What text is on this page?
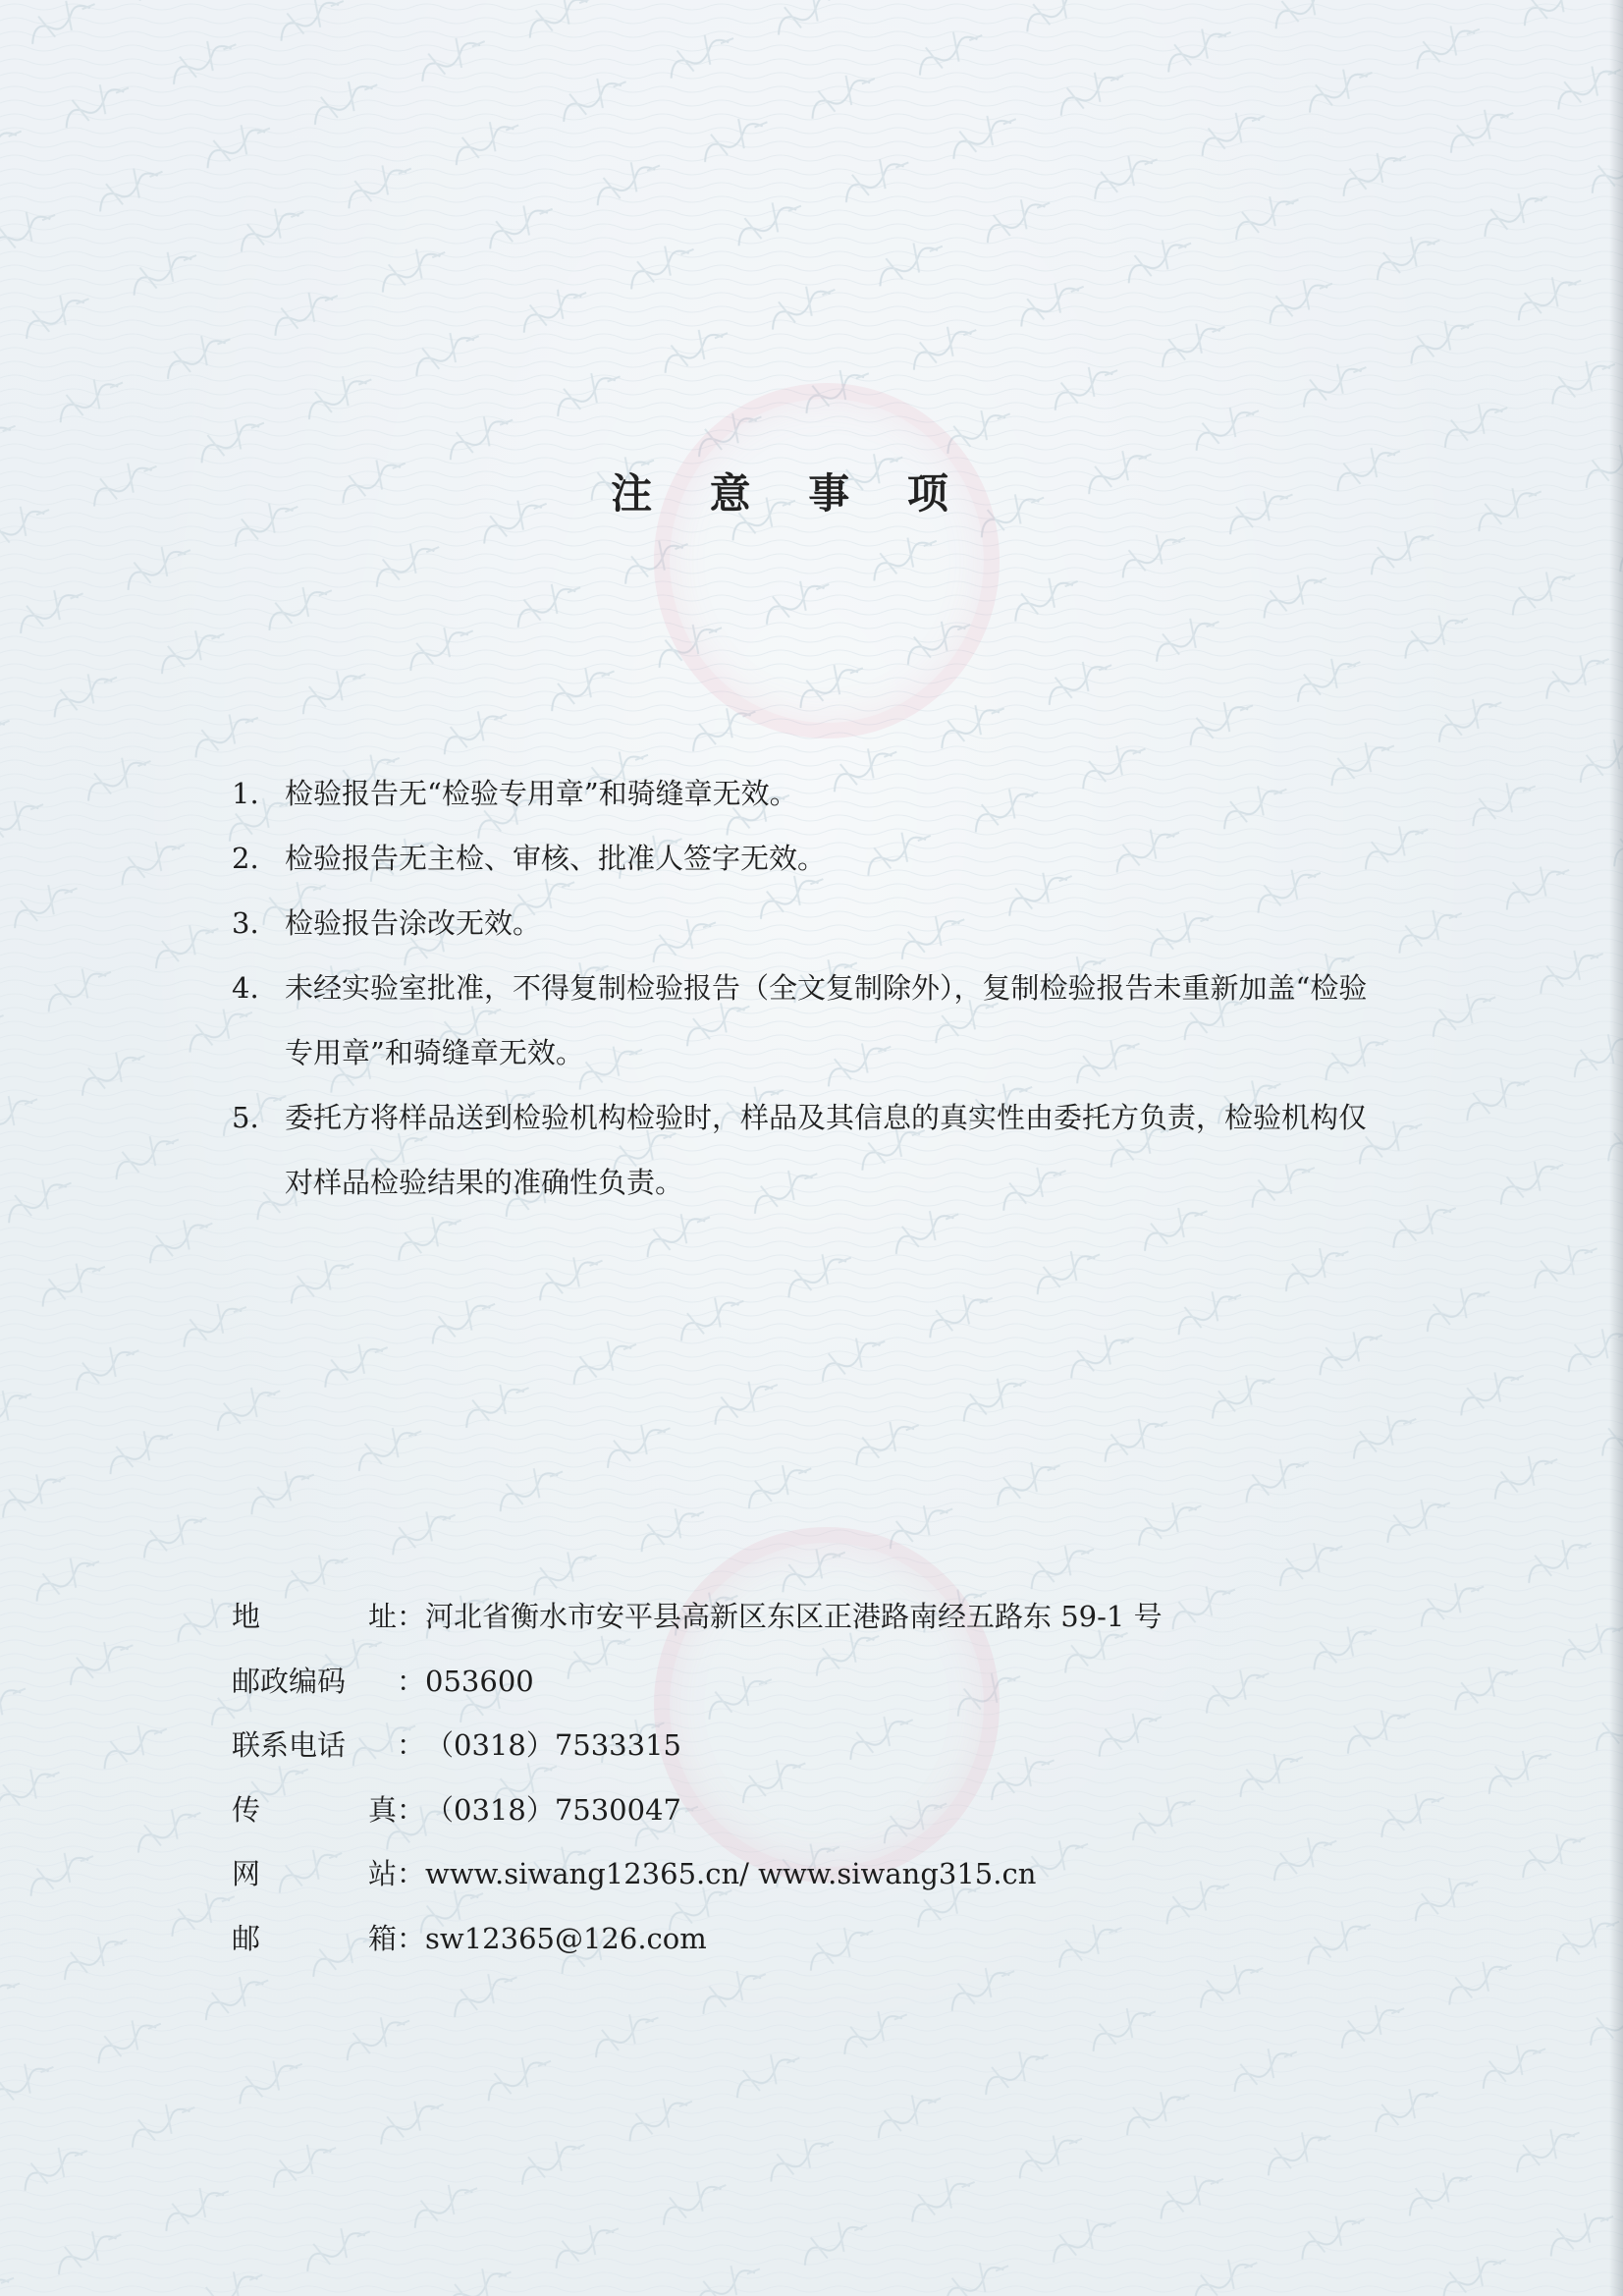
注 意 事 项
1. 检验报告无“检验专用章”和骑缝章无效。
2. 检验报告无主检、审核、批准人签字无效。
3. 检验报告涂改无效。
4. 未经实验室批准，不得复制检验报告（全文复制除外），复制检验报告未重新加盖“检验专用章”和骑缝章无效。
5. 委托方将样品送到检验机构检验时，样品及其信息的真实性由委托方负责，检验机构仅对样品检验结果的准确性负责。
地址 ： 河北省衡水市安平县高新区东区正港路南经五路东 59-1 号
邮政编码	： 053600
联系电话	： （0318）7533315
传真 ： （0318）7530047
网站 ： www.siwang12365.cn/ www.siwang315.cn
邮箱 ： sw12365@126.com
